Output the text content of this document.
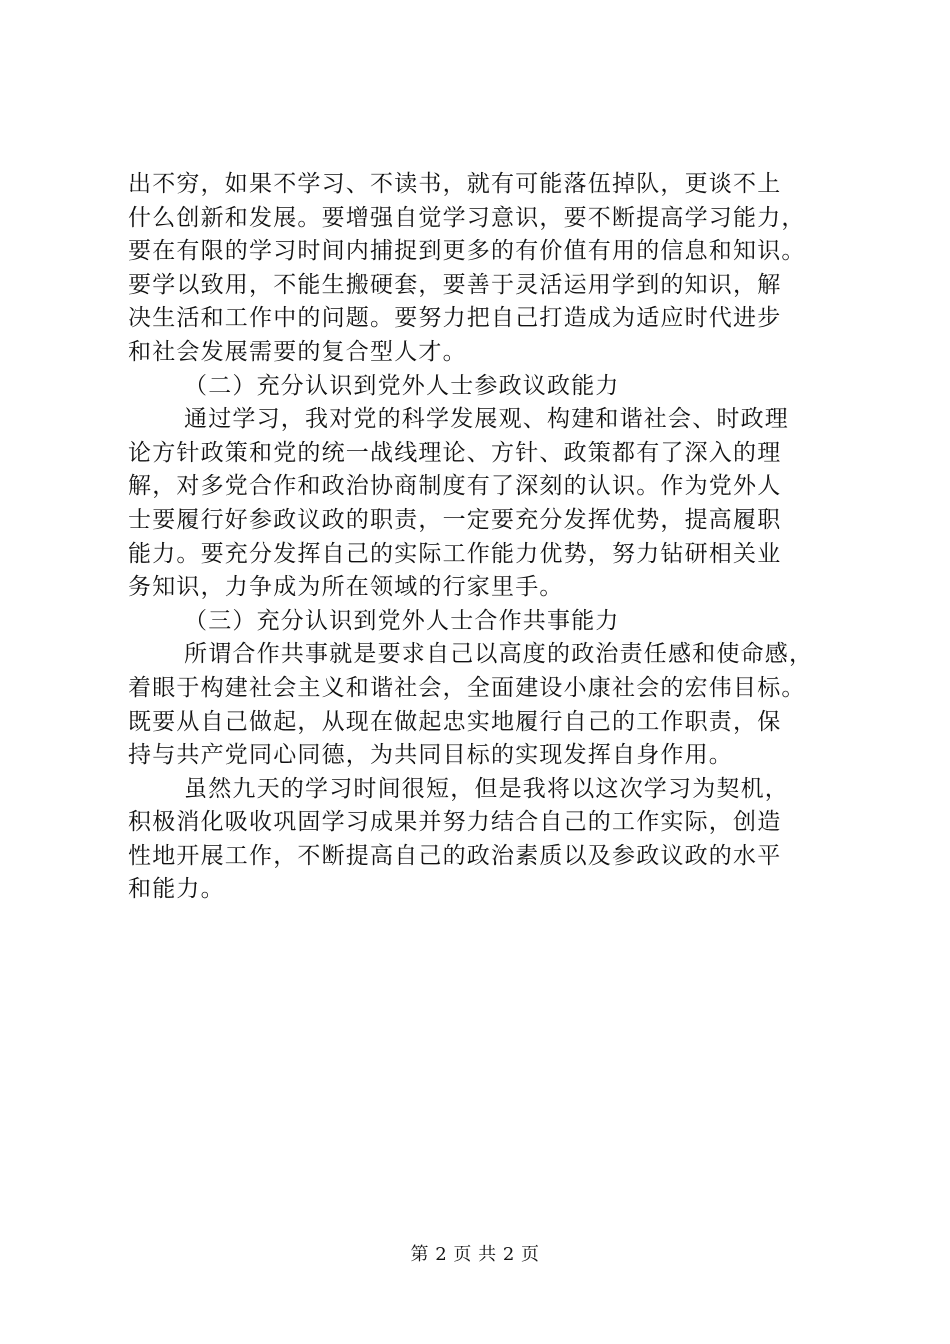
出不穷，如果不学习、不读书，就有可能落伍掉队，更谈不上
什么创新和发展。要增强自觉学习意识，要不断提高学习能力，
要在有限的学习时间内捕捉到更多的有价值有用的信息和知识。
要学以致用，不能生搬硬套，要善于灵活运用学到的知识，解
决生活和工作中的问题。要努力把自己打造成为适应时代进步
和社会发展需要的复合型人才。
（二）充分认识到党外人士参政议政能力
通过学习，我对党的科学发展观、构建和谐社会、时政理
论方针政策和党的统一战线理论、方针、政策都有了深入的理
解，对多党合作和政治协商制度有了深刻的认识。作为党外人
士要履行好参政议政的职责，一定要充分发挥优势，提高履职
能力。要充分发挥自己的实际工作能力优势，努力钻研相关业
务知识，力争成为所在领域的行家里手。
（三）充分认识到党外人士合作共事能力
所谓合作共事就是要求自己以高度的政治责任感和使命感，
着眼于构建社会主义和谐社会，全面建设小康社会的宏伟目标。
既要从自己做起，从现在做起忠实地履行自己的工作职责，保
持与共产党同心同德，为共同目标的实现发挥自身作用。
虽然九天的学习时间很短，但是我将以这次学习为契机，
积极消化吸收巩固学习成果并努力结合自己的工作实际，创造
性地开展工作，不断提高自己的政治素质以及参政议政的水平
和能力。
第 2 页 共 2 页
